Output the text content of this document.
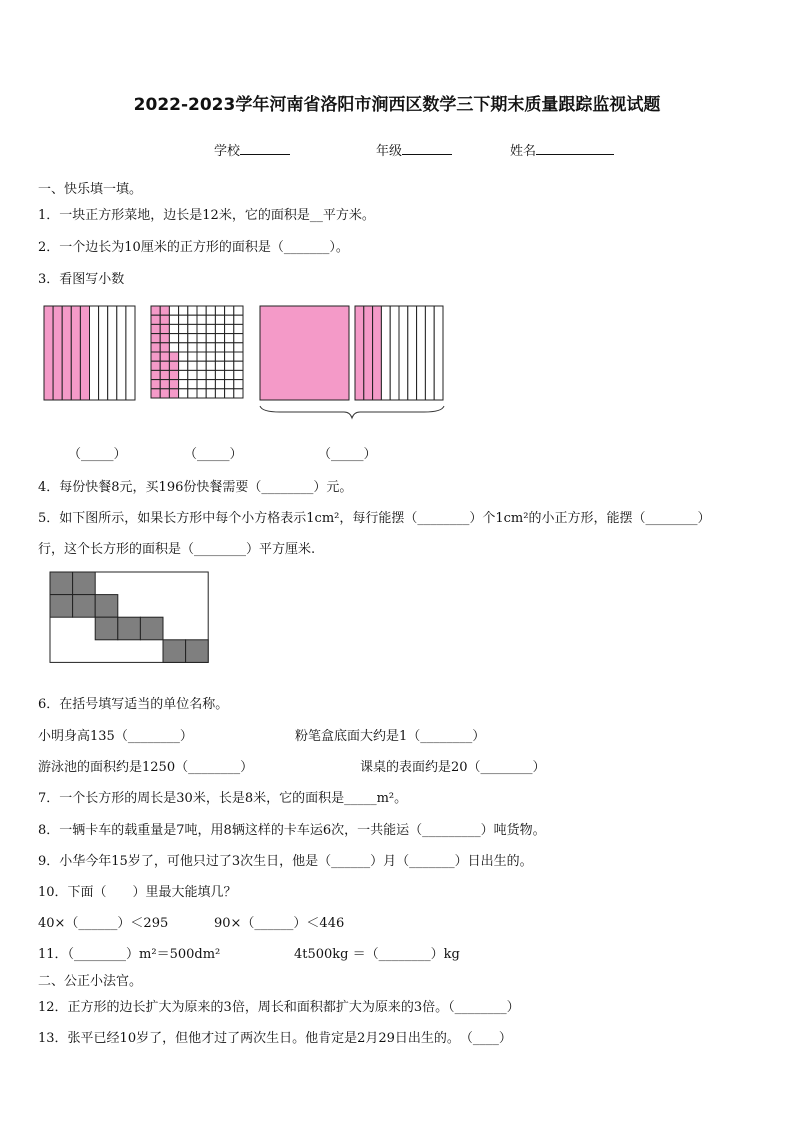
2022-2023学年河南省洛阳市涧西区数学三下期末质量跟踪监视试题
学校	年级	姓名
一、快乐填一填。
1．一块正方形菜地，边长是12米，它的面积是__平方米。
2．一个边长为10厘米的正方形的面积是（_______）。
3．看图写小数
（_____）	（_____）	（_____）
4．每份快餐8元，买196份快餐需要（________）元。
5．如下图所示，如果长方形中每个小方格表示1cm²，每行能摆（________）个1cm²的小正方形，能摆（________）
行，这个长方形的面积是（________）平方厘米.
6．在括号填写适当的单位名称。
小明身高135（________）	粉笔盒底面大约是1（________）
游泳池的面积约是1250（________）	课桌的表面约是20（________）
7．一个长方形的周长是30米，长是8米，它的面积是_____m²。
8．一辆卡车的载重量是7吨，用8辆这样的卡车运6次，一共能运（_________）吨货物。
9．小华今年15岁了，可他只过了3次生日，他是（______）月（_______）日出生的。
10．下面（　　）里最大能填几？
40×（______）＜295	90×（______）＜446
11．（________）m²＝500dm²	4t500kg ＝（________）kg
二、公正小法官。
12．正方形的边长扩大为原来的3倍，周长和面积都扩大为原来的3倍。（________）
13．张平已经10岁了，但他才过了两次生日。他肯定是2月29日出生的。　（____）
